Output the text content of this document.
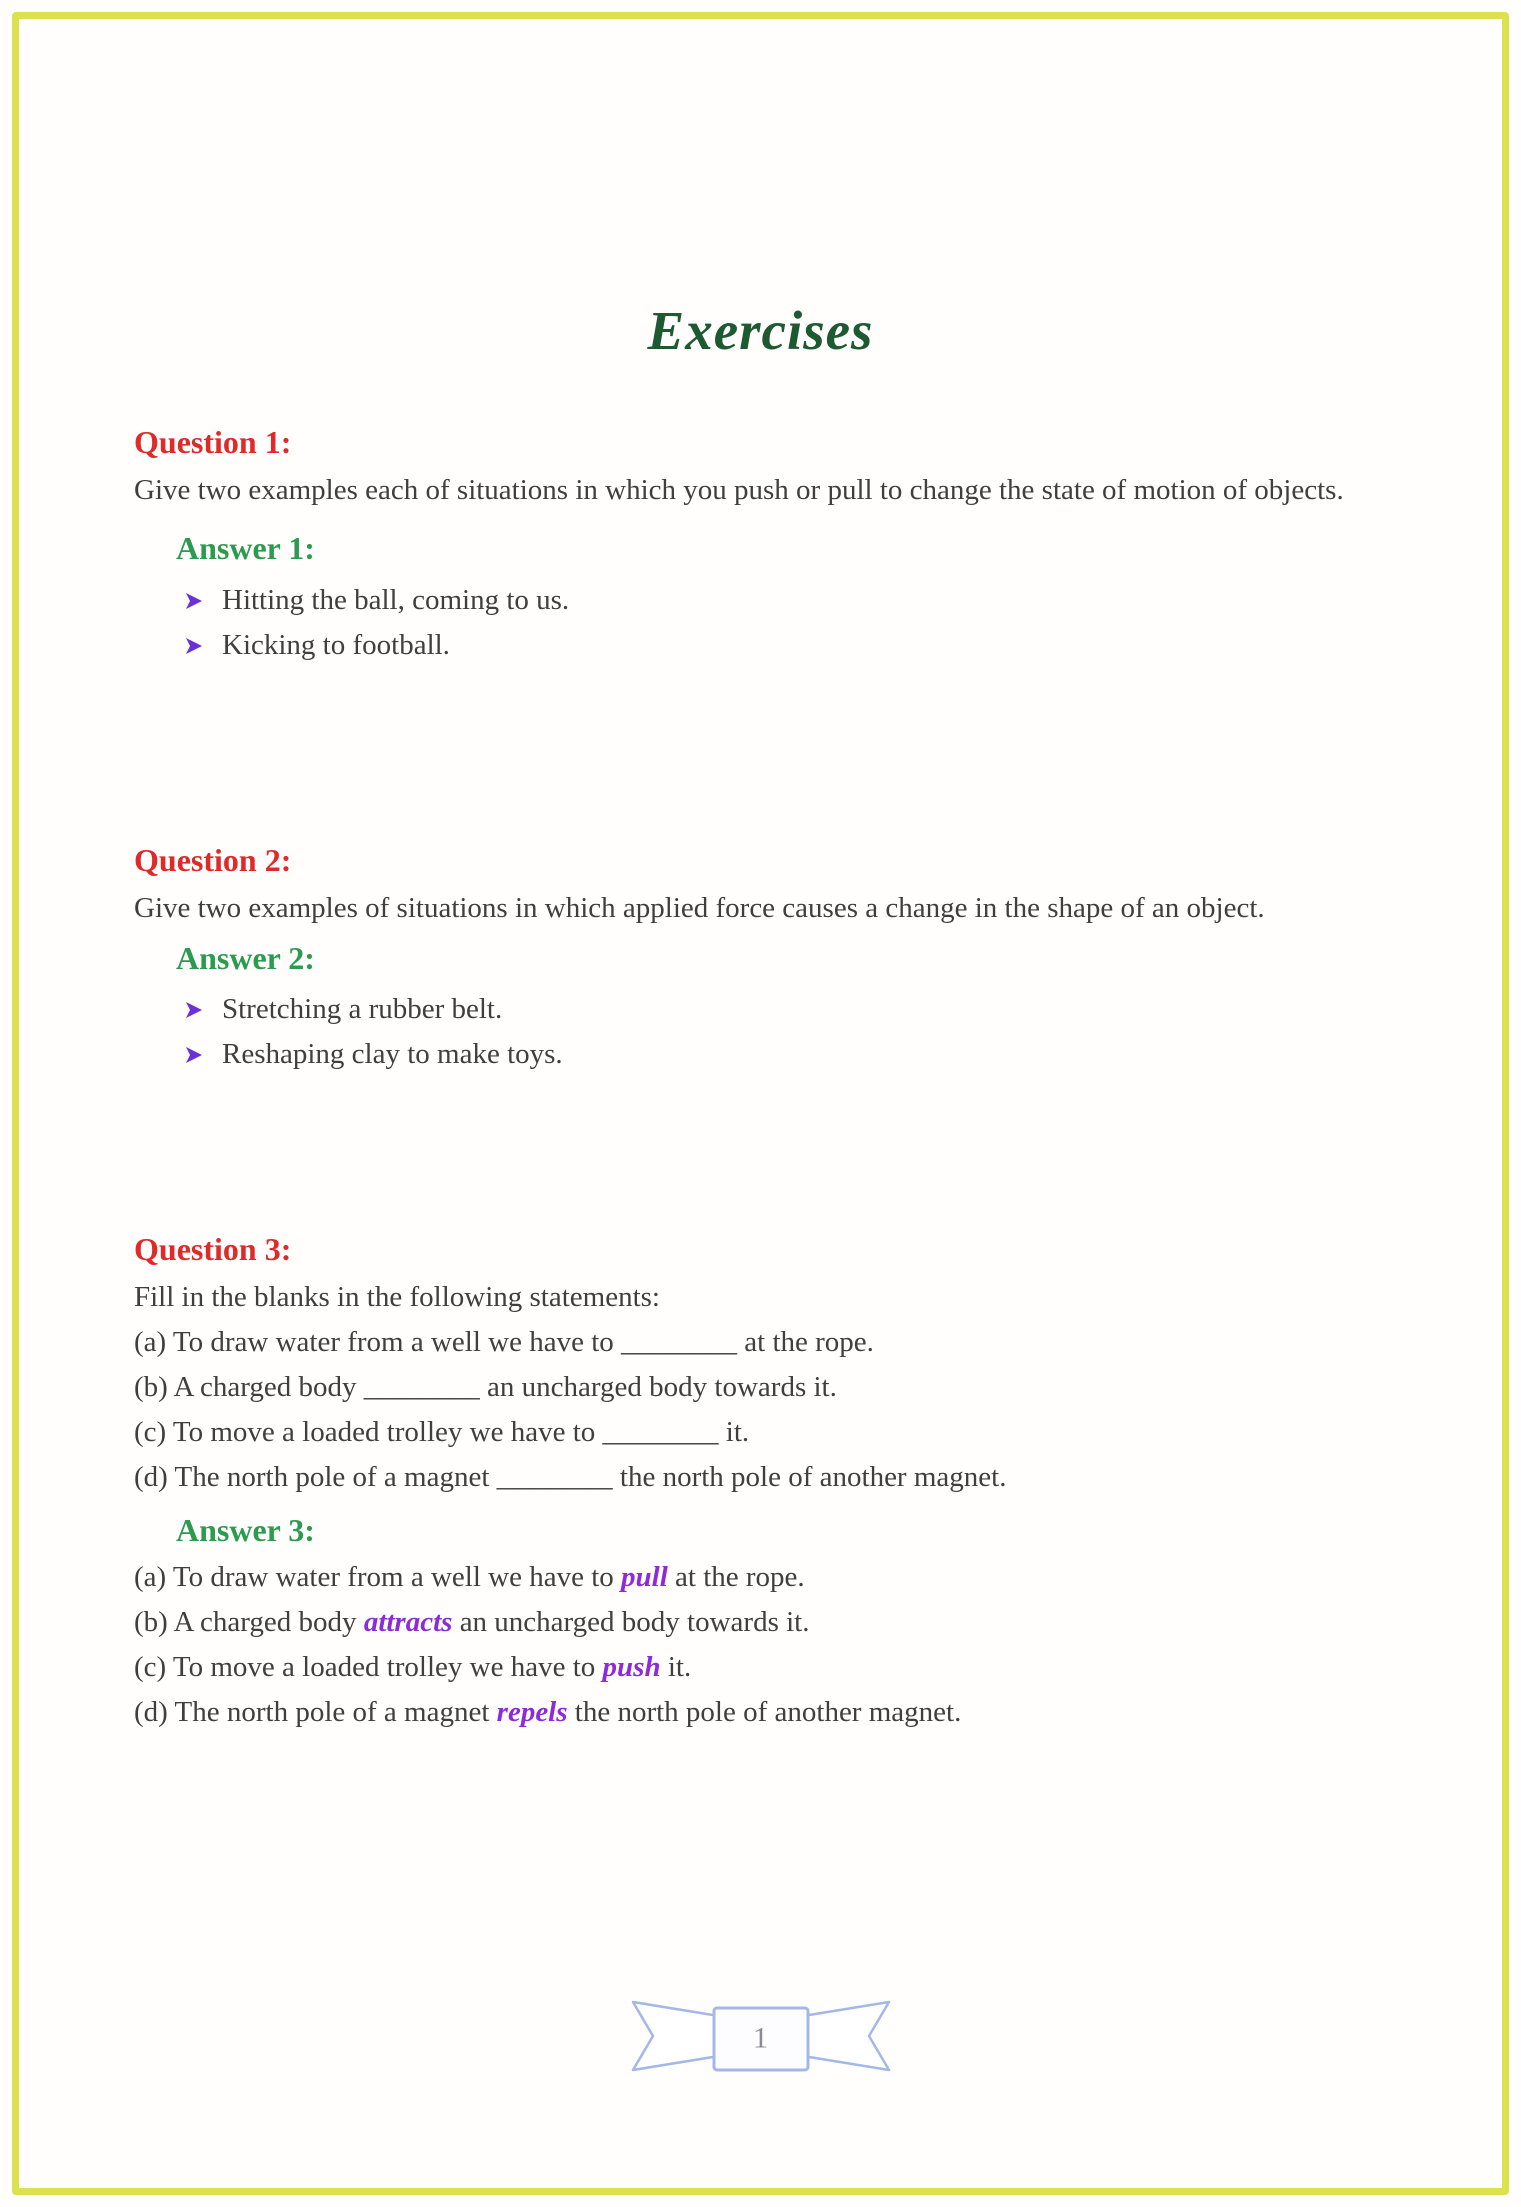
Exercises
Question 1:
Give two examples each of situations in which you push or pull to change the state of motion of objects.
Answer 1:
Hitting the ball, coming to us.
Kicking to football.
Question 2:
Give two examples of situations in which applied force causes a change in the shape of an object.
Answer 2:
Stretching a rubber belt.
Reshaping clay to make toys.
Question 3:
Fill in the blanks in the following statements:
(a) To draw water from a well we have to ________ at the rope.
(b) A charged body ________ an uncharged body towards it.
(c) To move a loaded trolley we have to ________ it.
(d) The north pole of a magnet ________ the north pole of another magnet.
Answer 3:
(a) To draw water from a well we have to pull at the rope.
(b) A charged body attracts an uncharged body towards it.
(c) To move a loaded trolley we have to push it.
(d) The north pole of a magnet repels the north pole of another magnet.
1
